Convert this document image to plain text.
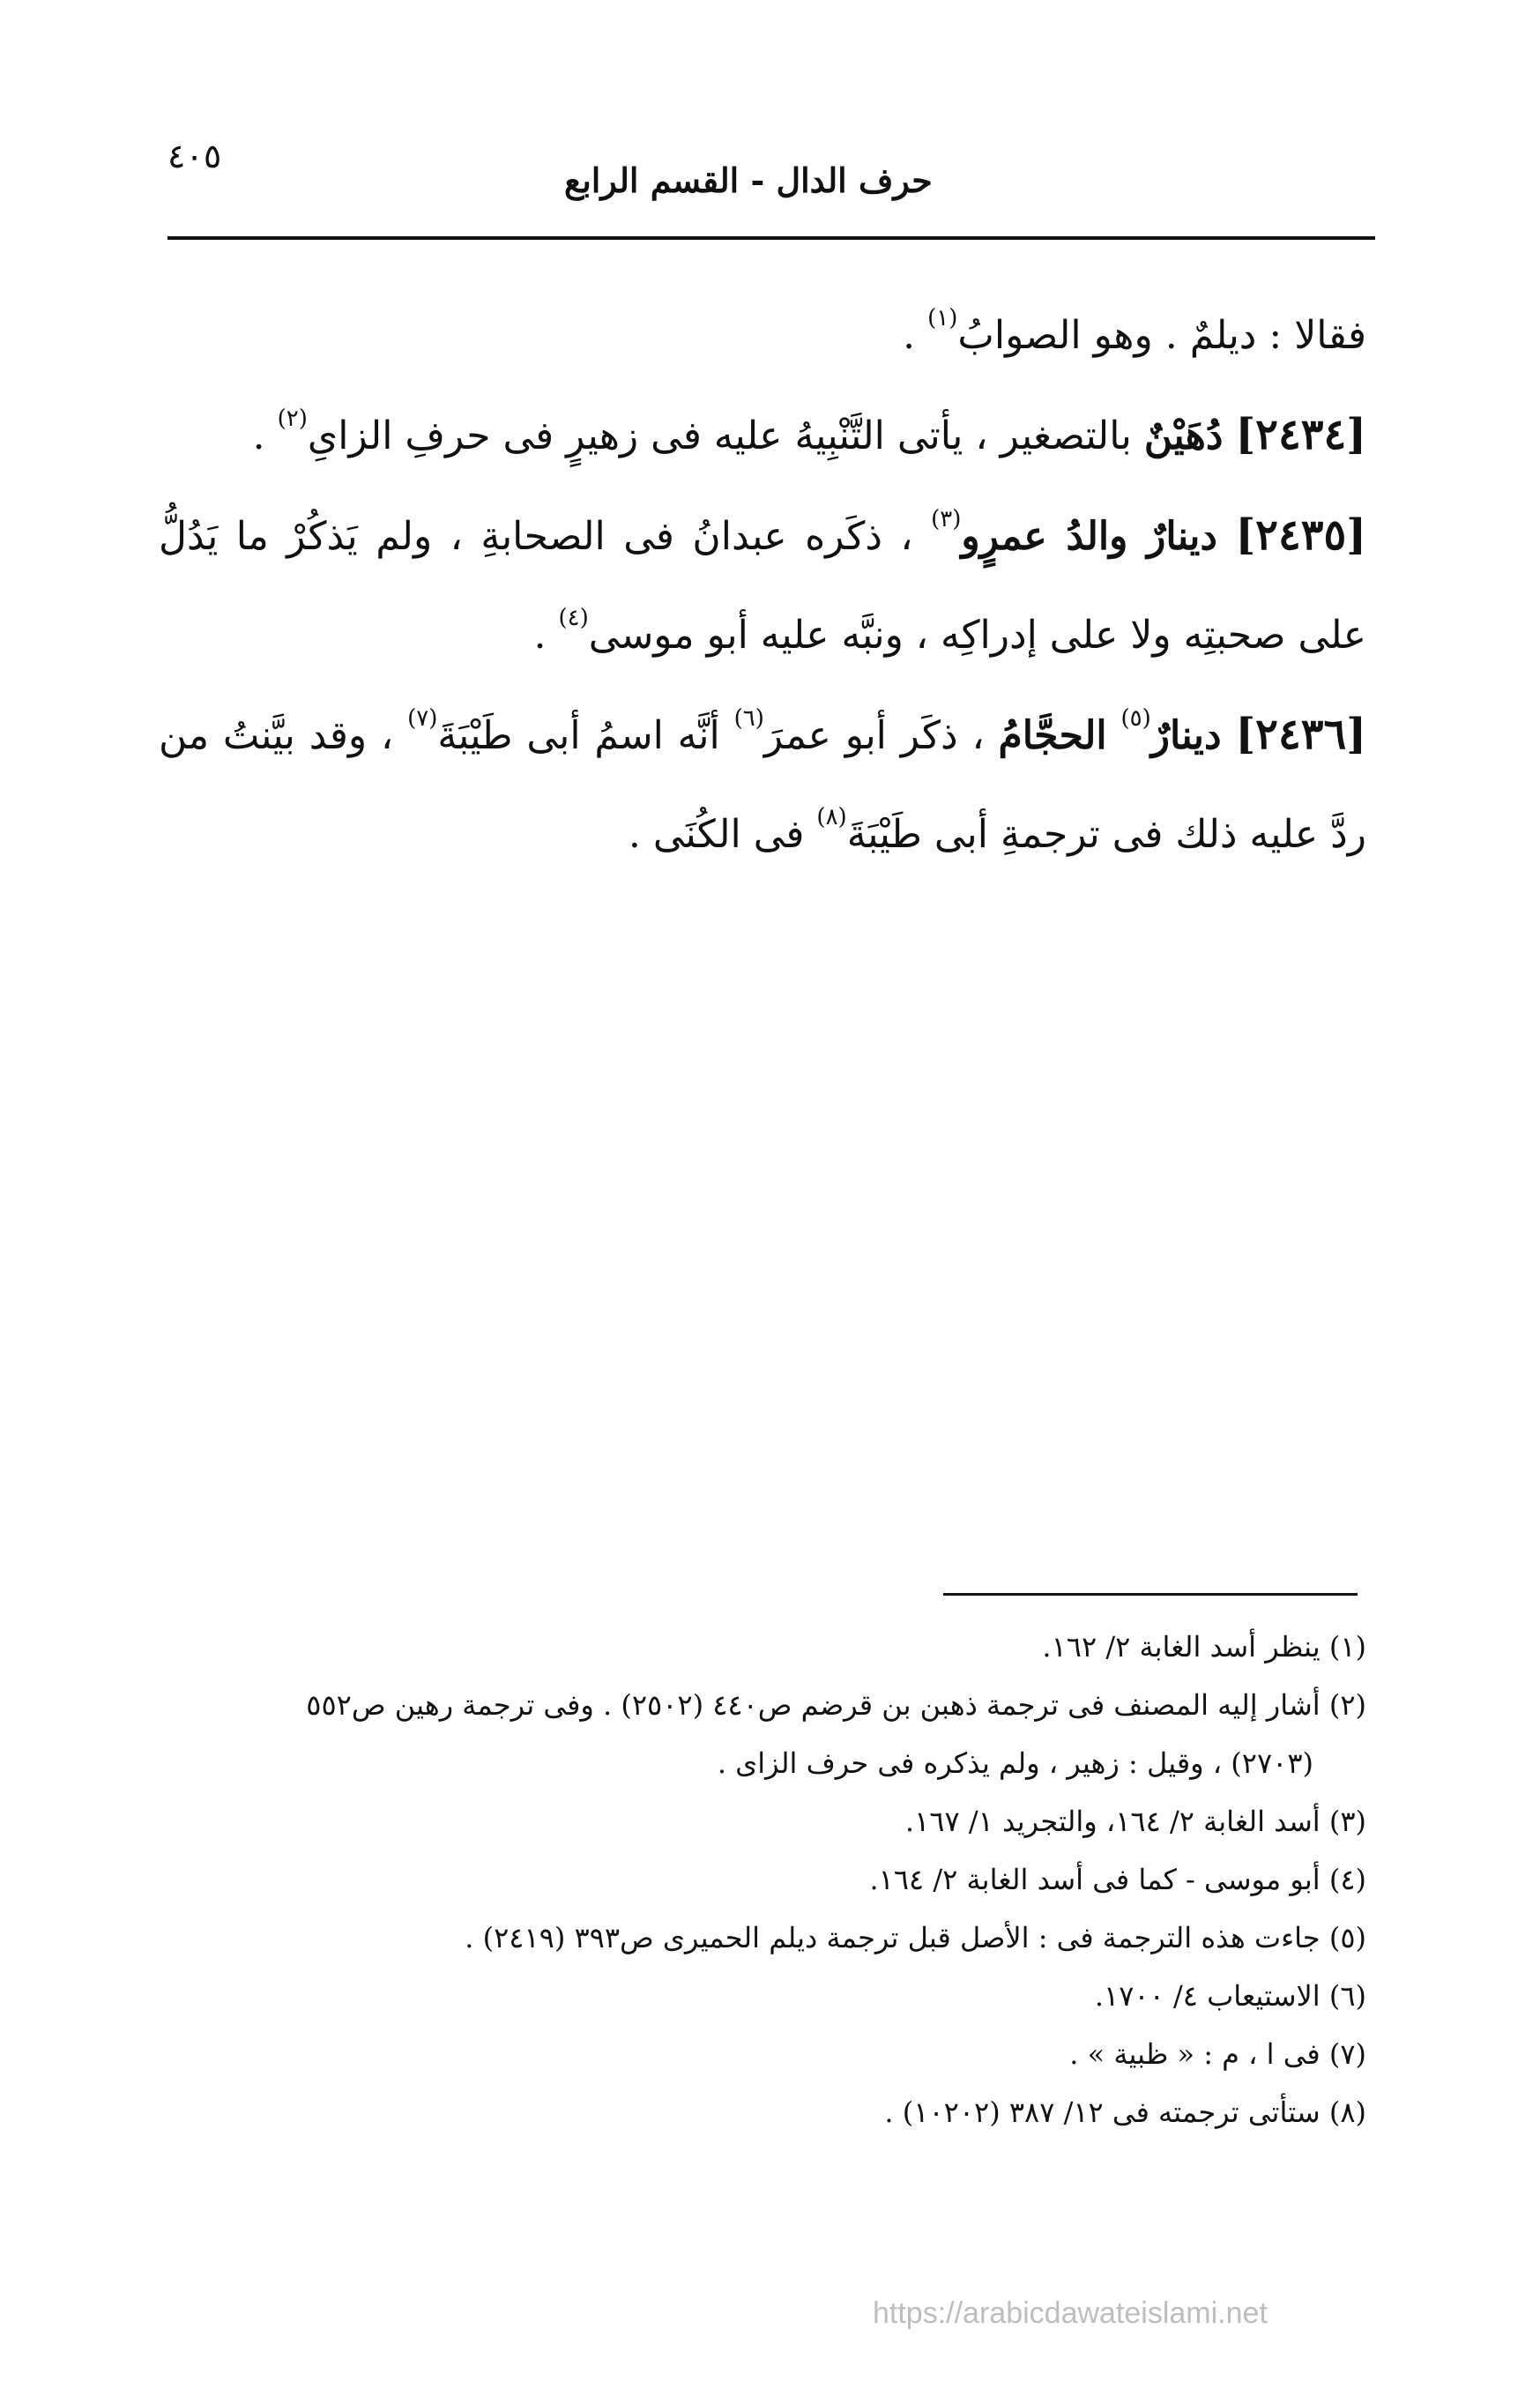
٤٠٥
حرف الدال - القسم الرابع

فقالا : ديلمٌ . وهو الصوابُ$^{(١)}$ .

[٢٤٣٤] دُهَيْنٌ بالتصغير ، يأتى التَّنْبِيهُ عليه فى زهيرٍ فى حرفِ الزاىِ$^{(٢)}$ .

[٢٤٣٥] دينارٌ والدُ عمرٍو$^{(٣)}$ ، ذكَره عبدانُ فى الصحابةِ ، ولم يَذكُرْ ما يَدُلُّ على صحبتِه ولا على إدراكِه ، ونبَّه عليه أبو موسى$^{(٤)}$ .

[٢٤٣٦] دينارٌ$^{(٥)}$ الحجَّامُ ، ذكَر أبو عمرَ$^{(٦)}$ أنَّه اسمُ أبى طَيْبَةَ$^{(٧)}$ ، وقد بيَّنتُ من ردَّ عليه ذلك فى ترجمةِ أبى طَيْبَةَ$^{(٨)}$ فى الكُنَى .

(١) ينظر أسد الغابة ٢/ ١٦٢.

(٢) أشار إليه المصنف فى ترجمة ذهبن بن قرضم ص٤٤٠ (٢٥٠٢) . وفى ترجمة رهين ص٥٥٢

(٢٧٠٣) ، وقيل : زهير ، ولم يذكره فى حرف الزاى .

(٣) أسد الغابة ٢/ ١٦٤، والتجريد ١/ ١٦٧.

(٤) أبو موسى - كما فى أسد الغابة ٢/ ١٦٤.

(٥) جاءت هذه الترجمة فى : الأصل قبل ترجمة ديلم الحميرى ص٣٩٣ (٢٤١٩) .

(٦) الاستيعاب ٤/ ١٧٠٠.

(٧) فى ا ، م : « ظبية » .

(٨) ستأتى ترجمته فى ١٢/ ٣٨٧ (١٠٢٠٢) .

https://arabicdawateislami.net
